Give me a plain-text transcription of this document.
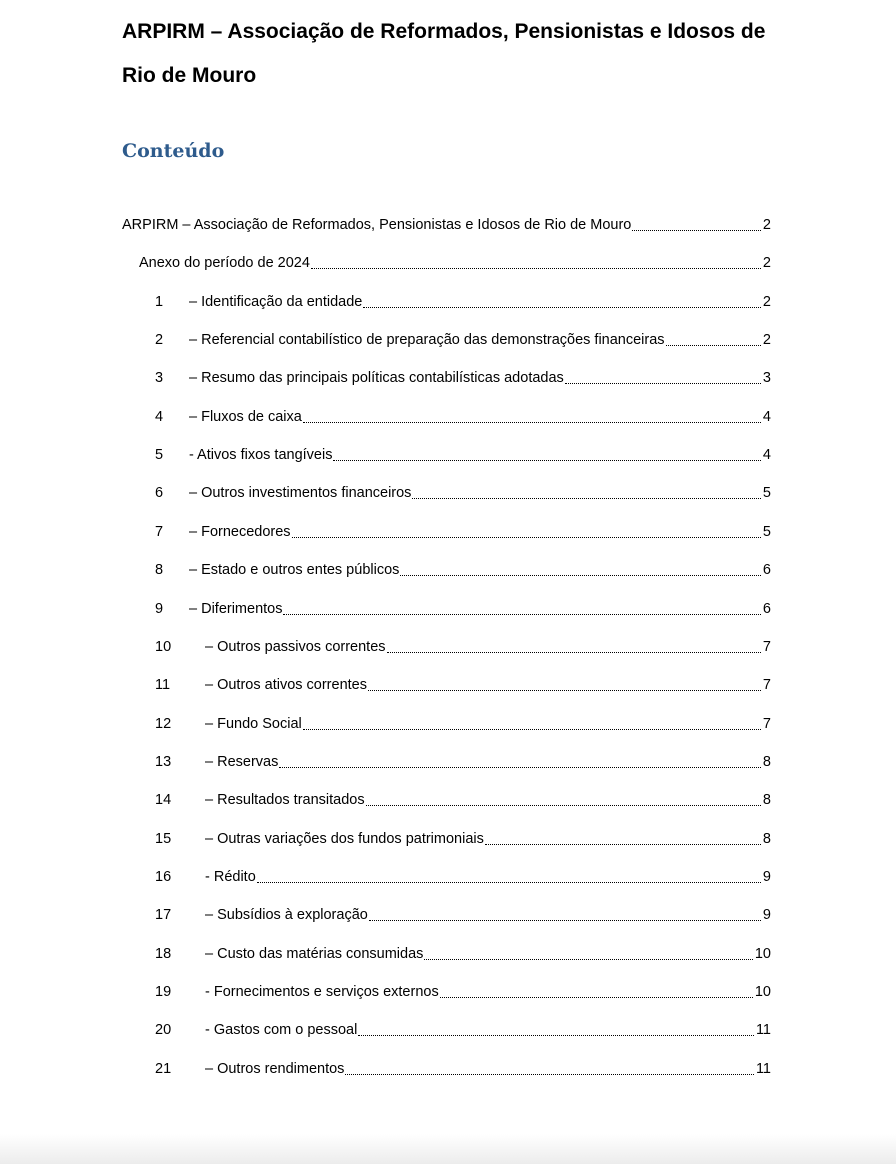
ARPIRM – Associação de Reformados, Pensionistas e Idosos de Rio de Mouro
Conteúdo
ARPIRM – Associação de Reformados, Pensionistas e Idosos de Rio de Mouro	2
Anexo do período de 2024	2
1	– Identificação da entidade	2
2	– Referencial contabilístico de preparação das demonstrações financeiras	2
3	– Resumo das principais políticas contabilísticas adotadas	3
4	– Fluxos de caixa	4
5	- Ativos fixos tangíveis	4
6	– Outros investimentos financeiros	5
7	– Fornecedores	5
8	– Estado e outros entes públicos	6
9	– Diferimentos	6
10	– Outros passivos correntes	7
11	– Outros ativos correntes	7
12	– Fundo Social	7
13	– Reservas	8
14	– Resultados transitados	8
15	– Outras variações dos fundos patrimoniais	8
16	- Rédito	9
17	– Subsídios à exploração	9
18	– Custo das matérias consumidas	10
19	- Fornecimentos e serviços externos	10
20	- Gastos com o pessoal	11
21	– Outros rendimentos	11
